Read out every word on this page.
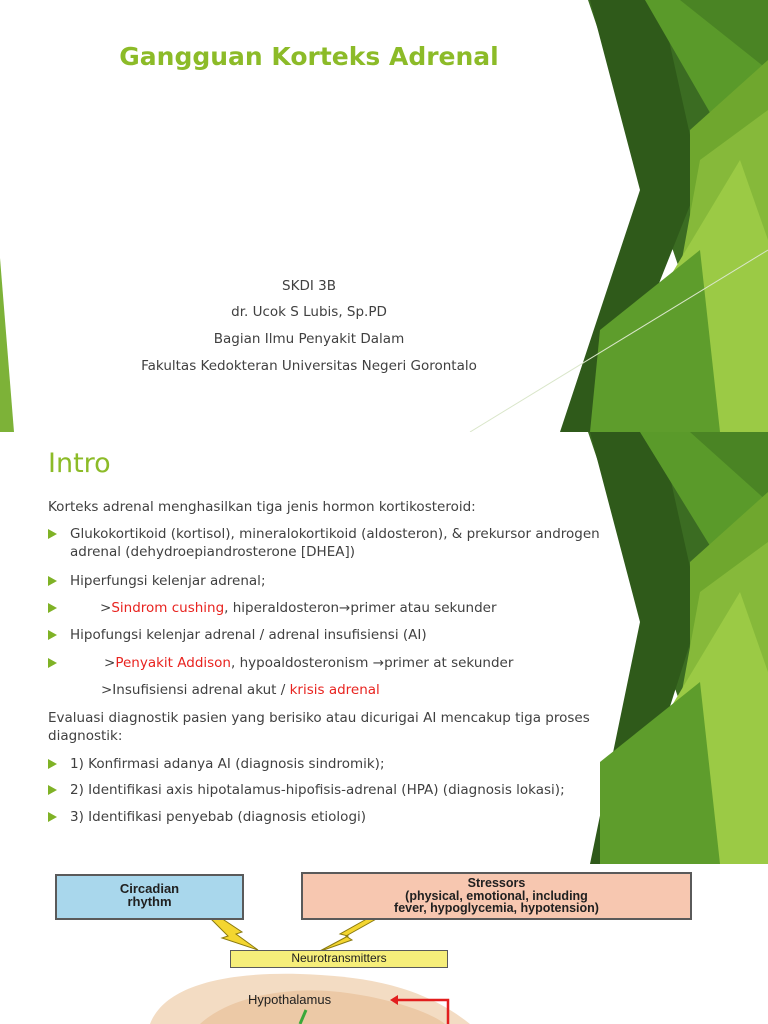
Gangguan Korteks Adrenal
SKDI 3B
dr. Ucok S Lubis, Sp.PD
Bagian Ilmu Penyakit Dalam
Fakultas Kedokteran Universitas Negeri Gorontalo
Intro
Korteks adrenal menghasilkan tiga jenis hormon kortikosteroid:
Glukokortikoid (kortisol), mineralokortikoid (aldosteron), & prekursor androgen adrenal (dehydroepiandrosterone [DHEA])
Hiperfungsi kelenjar adrenal;
>Sindrom cushing, hiperaldosteron→primer atau sekunder
Hipofungsi kelenjar adrenal / adrenal insufisiensi (AI)
>Penyakit Addison, hypoaldosteronism →primer at sekunder
>Insufisiensi adrenal akut / krisis adrenal
Evaluasi diagnostik pasien yang berisiko atau dicurigai AI mencakup tiga proses diagnostik:
1) Konfirmasi adanya AI (diagnosis sindromik);
2) Identifikasi axis hipotalamus-hipofisis-adrenal (HPA) (diagnosis lokasi);
3) Identifikasi penyebab (diagnosis etiologi)
Circadian
rhythm
Stressors
(physical, emotional, including
fever, hypoglycemia, hypotension)
Neurotransmitters
Hypothalamus
